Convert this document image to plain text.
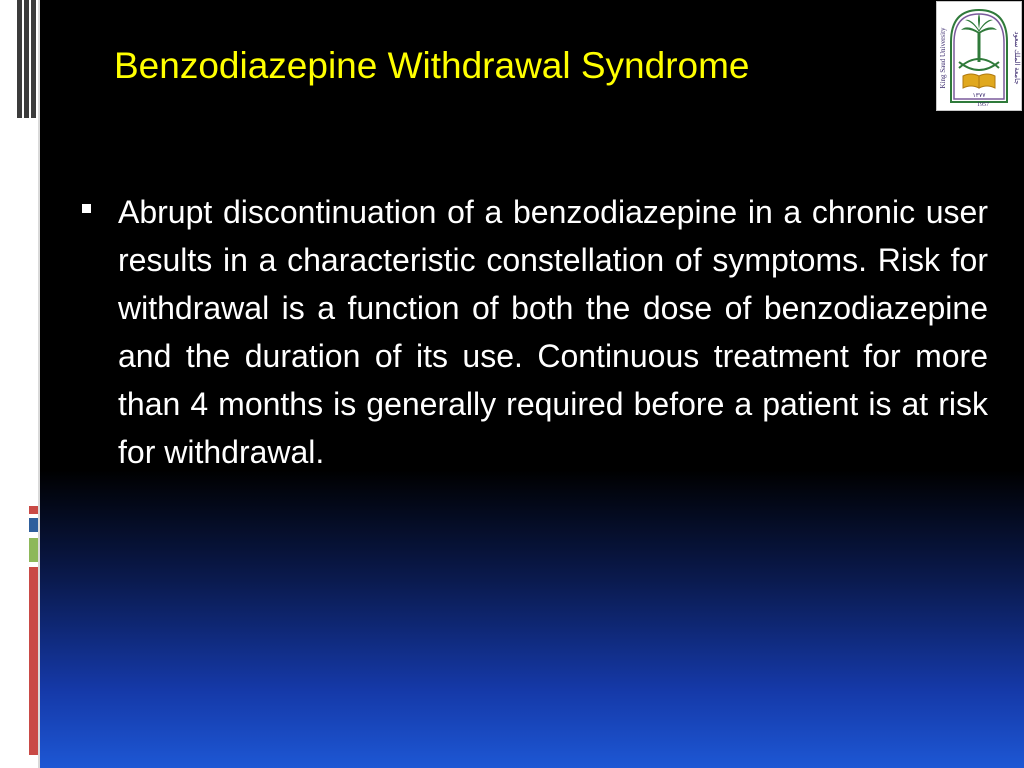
Benzodiazepine Withdrawal Syndrome	King Saud University	جامعة الملك سعود
١٣٧٧
1957
Abrupt discontinuation of a benzodiazepine in a chronic user results in a characteristic constellation of symptoms. Risk for withdrawal is a function of both the dose of benzodiazepine and the duration of its use. Continuous treatment for more than 4 months is generally required before a patient is at risk for withdrawal.
